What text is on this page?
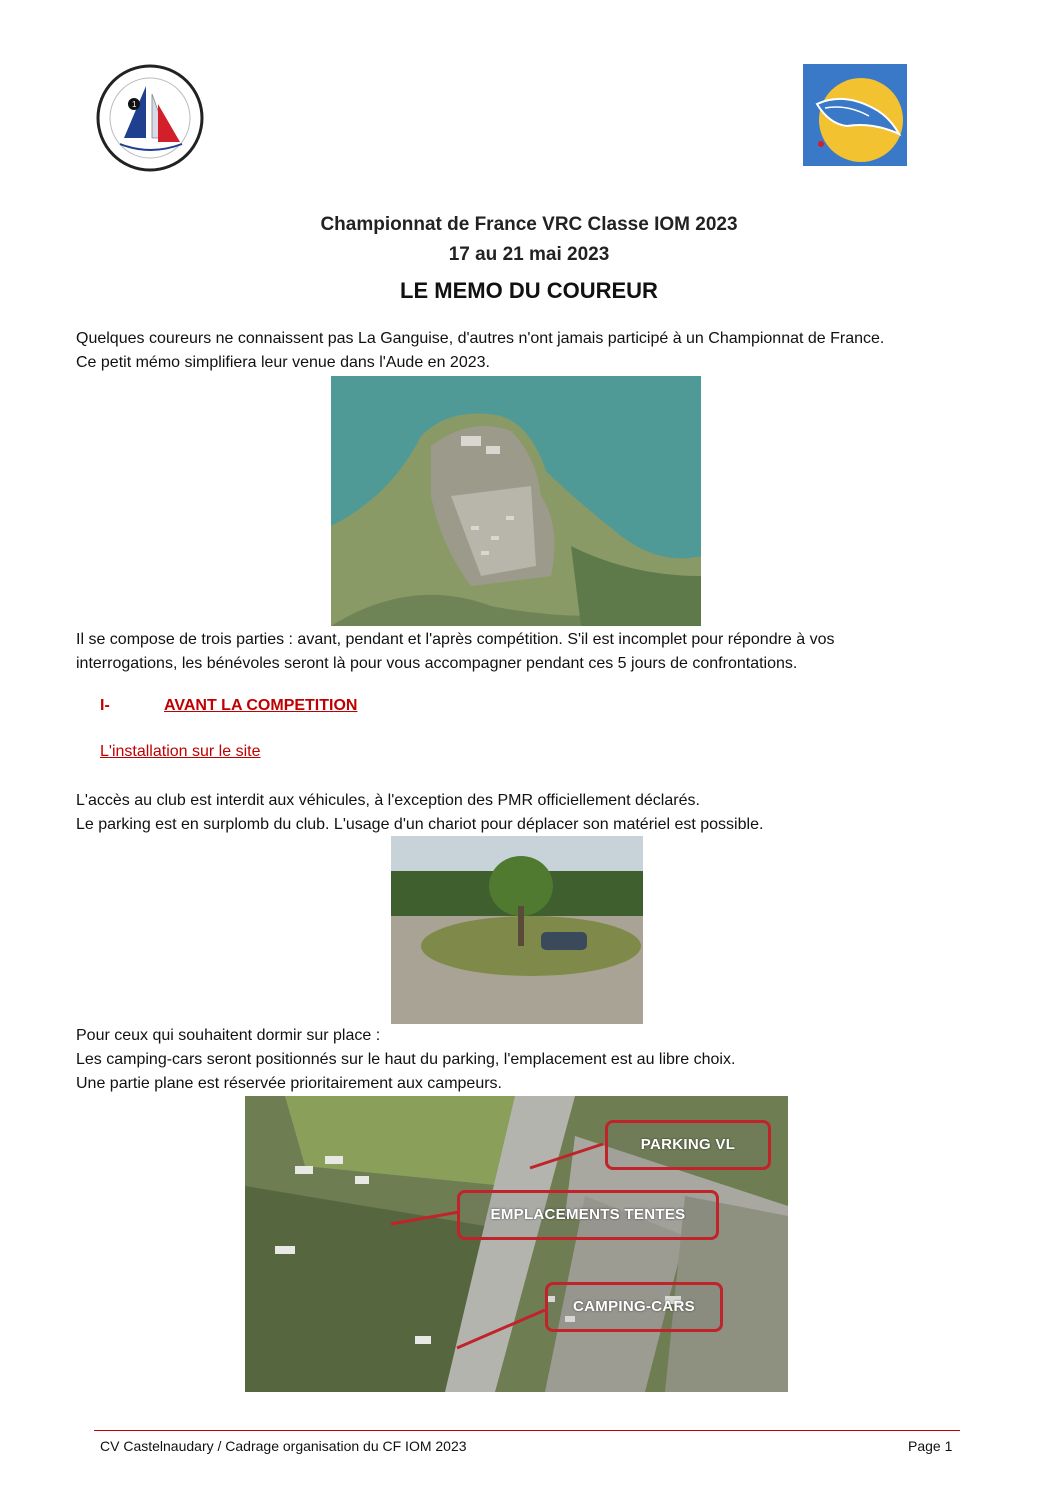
1
Championnat de France VRC Classe IOM 2023
17 au 21 mai 2023
LE MEMO DU COUREUR
Quelques coureurs ne connaissent pas La Ganguise, d'autres n'ont jamais participé à un Championnat de France.
Ce petit mémo simplifiera leur venue dans l'Aude en 2023.
Il se compose de trois parties : avant, pendant et l'après compétition. S'il est incomplet pour répondre à vos
interrogations, les bénévoles seront là pour vous accompagner pendant ces 5 jours de confrontations.
I-	AVANT LA COMPETITION
L'installation sur le site
L'accès au club est interdit aux véhicules, à l'exception des PMR officiellement déclarés.
Le parking est en surplomb du club. L'usage d'un chariot pour déplacer son matériel est possible.
Pour ceux qui souhaitent dormir sur place :
Les camping-cars seront positionnés sur le haut du parking, l'emplacement est au libre choix.
Une partie plane est réservée prioritairement aux campeurs.
PARKING VL
EMPLACEMENTS TENTES
CAMPING-CARS
CV Castelnaudary / Cadrage organisation du CF IOM 2023	Page 1
